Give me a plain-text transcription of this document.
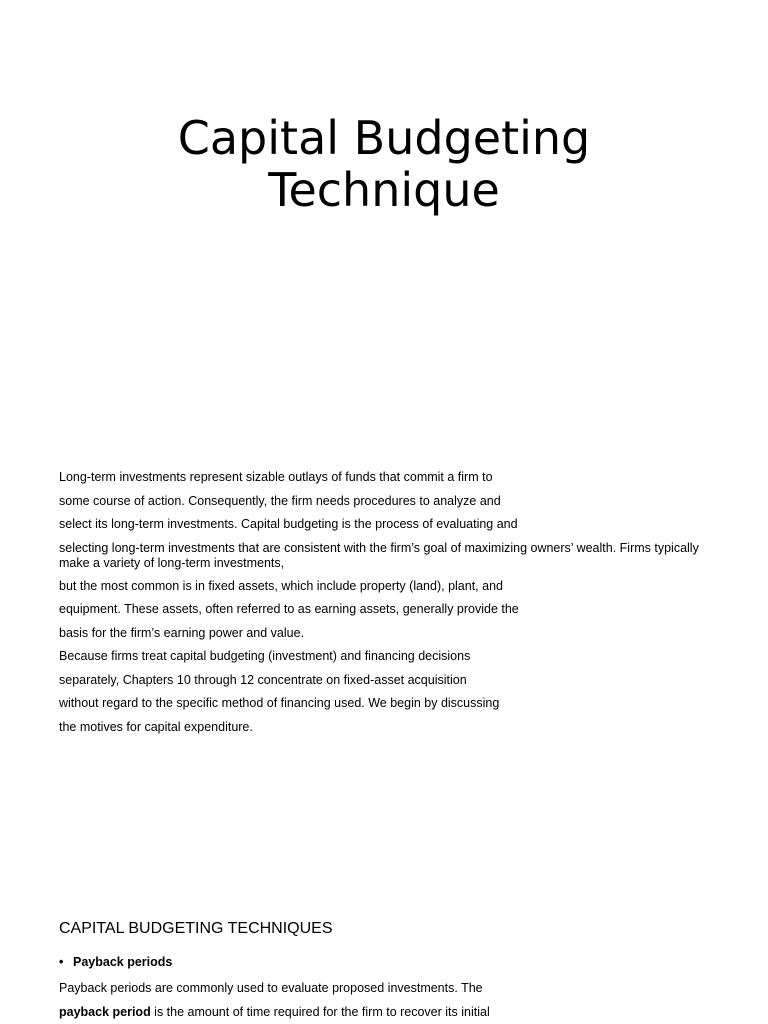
Capital Budgeting
Technique
Long-term investments represent sizable outlays of funds that commit a firm to
some course of action. Consequently, the firm needs procedures to analyze and
select its long-term investments. Capital budgeting is the process of evaluating and
selecting long-term investments that are consistent with the firm’s goal of maximizing owners’ wealth. Firms typically make a variety of long-term investments,
but the most common is in fixed assets, which include property (land), plant, and
equipment. These assets, often referred to as earning assets, generally provide the
basis for the firm’s earning power and value.
Because firms treat capital budgeting (investment) and financing decisions
separately, Chapters 10 through 12 concentrate on fixed-asset acquisition
without regard to the specific method of financing used. We begin by discussing
the motives for capital expenditure.
CAPITAL BUDGETING TECHNIQUES
• Payback periods
Payback periods are commonly used to evaluate proposed investments. The
payback period is the amount of time required for the firm to recover its initial
